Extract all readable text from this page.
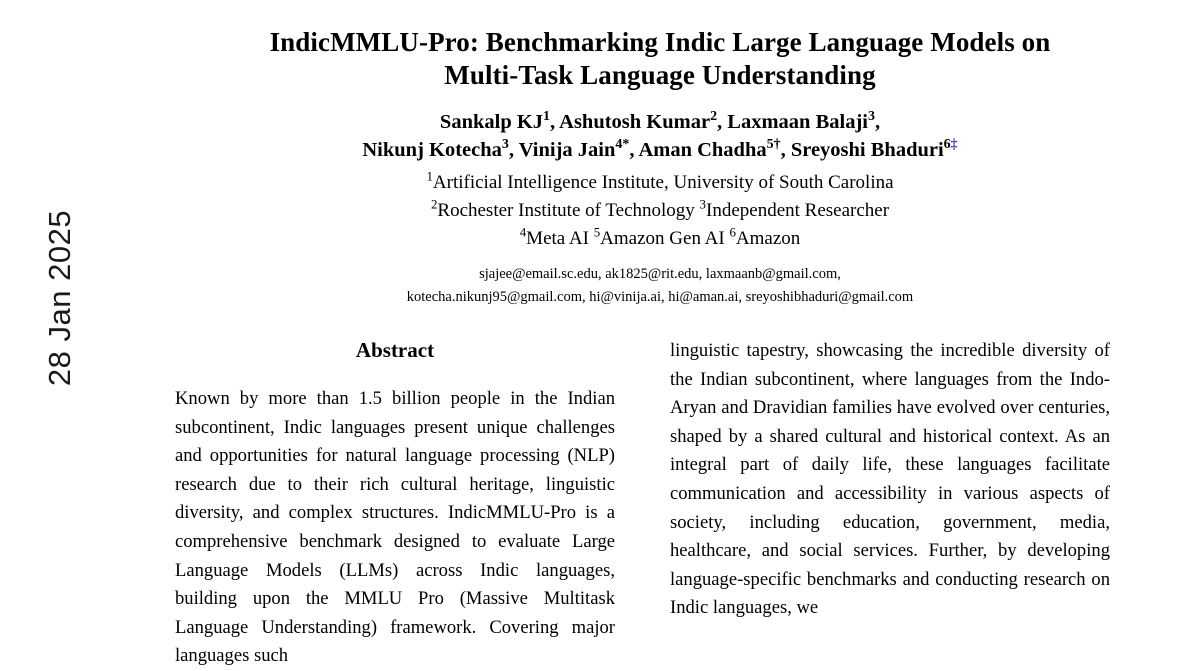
28 Jan 2025
IndicMMLU-Pro: Benchmarking Indic Large Language Models on
Multi-Task Language Understanding
Sankalp $KJ^1$, Ashutosh Kumar$^2$, Laxmaan Balaji$^3$,
Nikunj Kotecha$^3$, Vinija Jain$^{4*}$, Aman Chadha$^{5\dagger}$, Sreyoshi Bhaduri$^{6\ddagger}$
$^1$Artificial Intelligence Institute, University of South Carolina
$^2$Rochester Institute of Technology $^3$Independent Researcher
$^4$Meta AI $^5$Amazon Gen AI $^6$Amazon
sjajee@email.sc.edu, ak1825@rit.edu, laxmaanb@gmail.com,
kotecha.nikunj95@gmail.com, hi@vinija.ai, hi@aman.ai, sreyoshibhaduri@gmail.com
Abstract
Known by more than 1.5 billion people in the Indian subcontinent, Indic languages present unique challenges and opportunities for natural language processing (NLP) research due to their rich cultural heritage, linguistic diversity, and complex structures. IndicMMLU-Pro is a comprehensive benchmark designed to evaluate Large Language Models (LLMs) across Indic languages, building upon the MMLU Pro (Massive Multitask Language Understanding) framework. Covering major languages such
linguistic tapestry, showcasing the incredible diversity of the Indian subcontinent, where languages from the Indo-Aryan and Dravidian families have evolved over centuries, shaped by a shared cultural and historical context. As an integral part of daily life, these languages facilitate communication and accessibility in various aspects of society, including education, government, media, healthcare, and social services. Further, by developing language-specific benchmarks and conducting research on Indic languages, we
